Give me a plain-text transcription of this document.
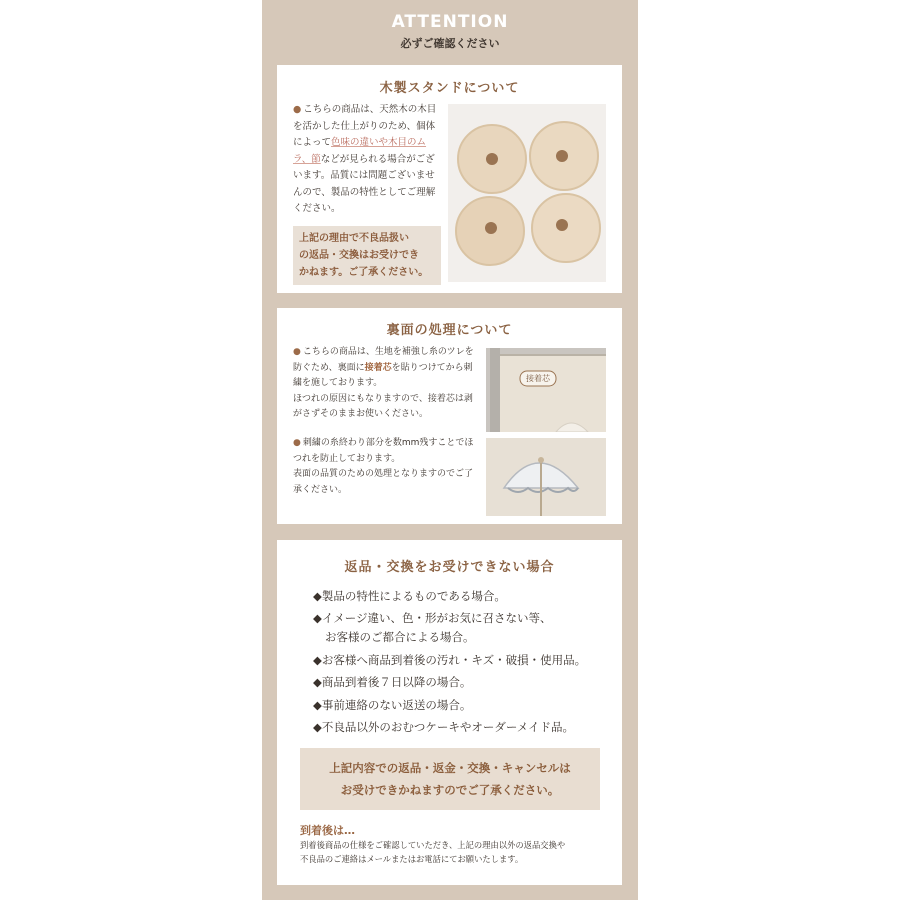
ATTENTION
必ずご確認ください
木製スタンドについて
● こちらの商品は、天然木の木目を活かした仕上がりのため、個体によって色味の違いや木目のムラ、節などが見られる場合がございます。品質には問題ございませんので、製品の特性としてご理解ください。
上記の理由で不良品扱い
の返品・交換はお受けでき
かねます。ご了承ください。
裏面の処理について
● こちらの商品は、生地を補強し糸のツレを防ぐため、裏面に接着芯を貼りつけてから刺繍を施しております。
ほつれの原因にもなりますので、接着芯は剥がさずそのままお使いください。
● 刺繍の糸終わり部分を数mm残すことでほつれを防止しております。
表面の品質のための処理となりますのでご了承ください。
接着芯
返品・交換をお受けできない場合
◆製品の特性によるものである場合。
◆イメージ違い、色・形がお気に召さない等、
お客様のご都合による場合。
◆お客様へ商品到着後の汚れ・キズ・破損・使用品。
◆商品到着後７日以降の場合。
◆事前連絡のない返送の場合。
◆不良品以外のおむつケーキやオーダーメイド品。
上記内容での返品・返金・交換・キャンセルは
お受けできかねますのでご了承ください。
到着後は…
到着後商品の仕様をご確認していただき、上記の理由以外の返品交換や
不良品のご連絡はメールまたはお電話にてお願いたします。
